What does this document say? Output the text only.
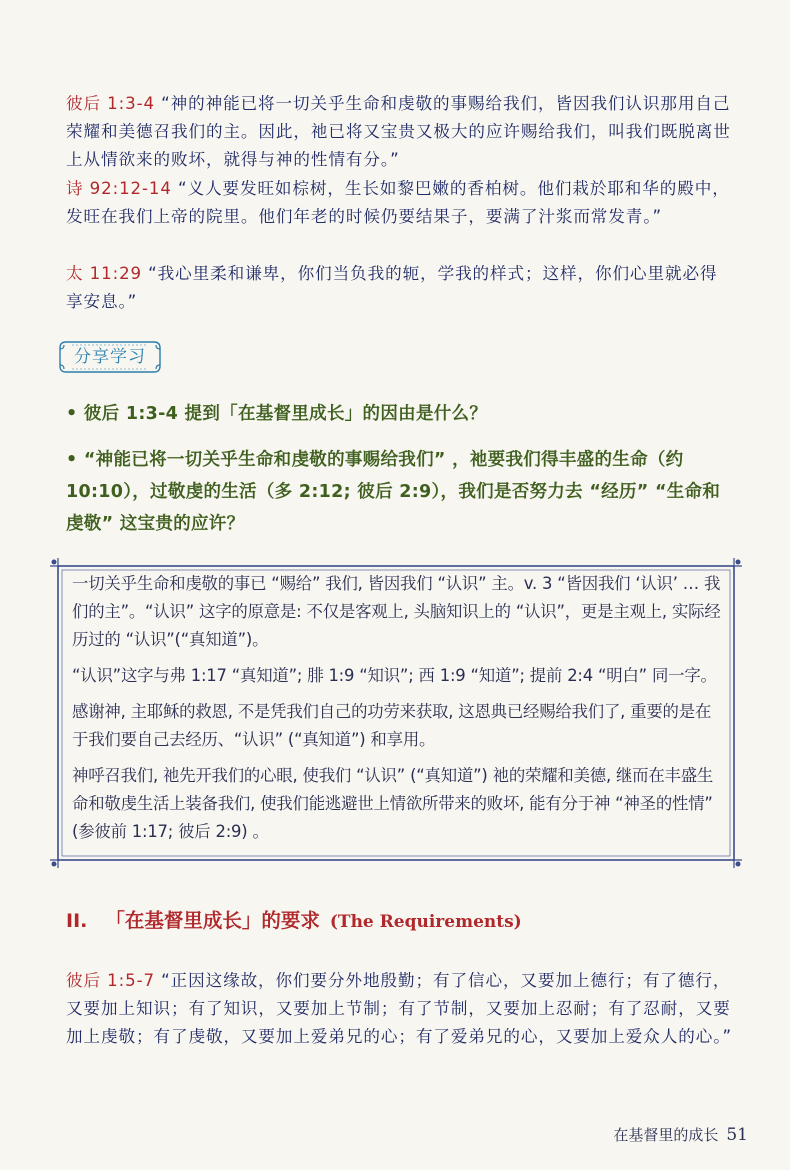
彼后 1:3-4 “神的神能已将一切关乎生命和虔敬的事赐给我们，皆因我们认识那用自己荣耀和美德召我们的主。因此，祂已将又宝贵又极大的应许赐给我们，叫我们既脱离世上从情欲来的败坏，就得与神的性情有分。”

诗 92:12-14 “义人要发旺如棕树，生长如黎巴嫩的香柏树。他们栽於耶和华的殿中，发旺在我们上帝的院里。他们年老的时候仍要结果子，要满了汁浆而常发青。”

太 11:29 “我心里柔和谦卑，你们当负我的轭，学我的样式；这样，你们心里就必得享安息。”

分享学习

• 彼后 1:3-4 提到「在基督里成长」的因由是什么？

• “神能已将一切关乎生命和虔敬的事赐给我们” ，祂要我们得丰盛的生命（约 10:10），过敬虔的生活（多 2:12; 彼后 2:9），我们是否努力去 “经历” “生命和虔敬” 这宝贵的应许？

一切关乎生命和虔敬的事已 “赐给” 我们, 皆因我们 “认识” 主。v. 3 “皆因我们 ‘认识’ … 我们的主”。“认识” 这字的原意是: 不仅是客观上, 头脑知识上的 “认识”，更是主观上, 实际经历过的 “认识”(“真知道”)。

“认识”这字与弗 1:17 “真知道”; 腓 1:9 “知识”; 西 1:9 “知道”; 提前 2:4 “明白” 同一字。

感谢神, 主耶稣的救恩, 不是凭我们自己的功劳来获取, 这恩典已经赐给我们了, 重要的是在于我们要自己去经历、“认识” (“真知道”) 和享用。

神呼召我们, 祂先开我们的心眼, 使我们 “认识” (“真知道”) 祂的荣耀和美德, 继而在丰盛生命和敬虔生活上装备我们, 使我们能逃避世上情欲所带来的败坏, 能有分于神 “神圣的性情” (参彼前 1:17; 彼后 2:9) 。

II. 「在基督里成长」的要求 (The Requirements)

彼后 1:5-7 “正因这缘故，你们要分外地殷勤；有了信心，又要加上德行；有了德行，又要加上知识；有了知识，又要加上节制；有了节制，又要加上忍耐；有了忍耐，又要加上虔敬；有了虔敬，又要加上爱弟兄的心；有了爱弟兄的心，又要加上爱众人的心。”

在基督里的成长 51
